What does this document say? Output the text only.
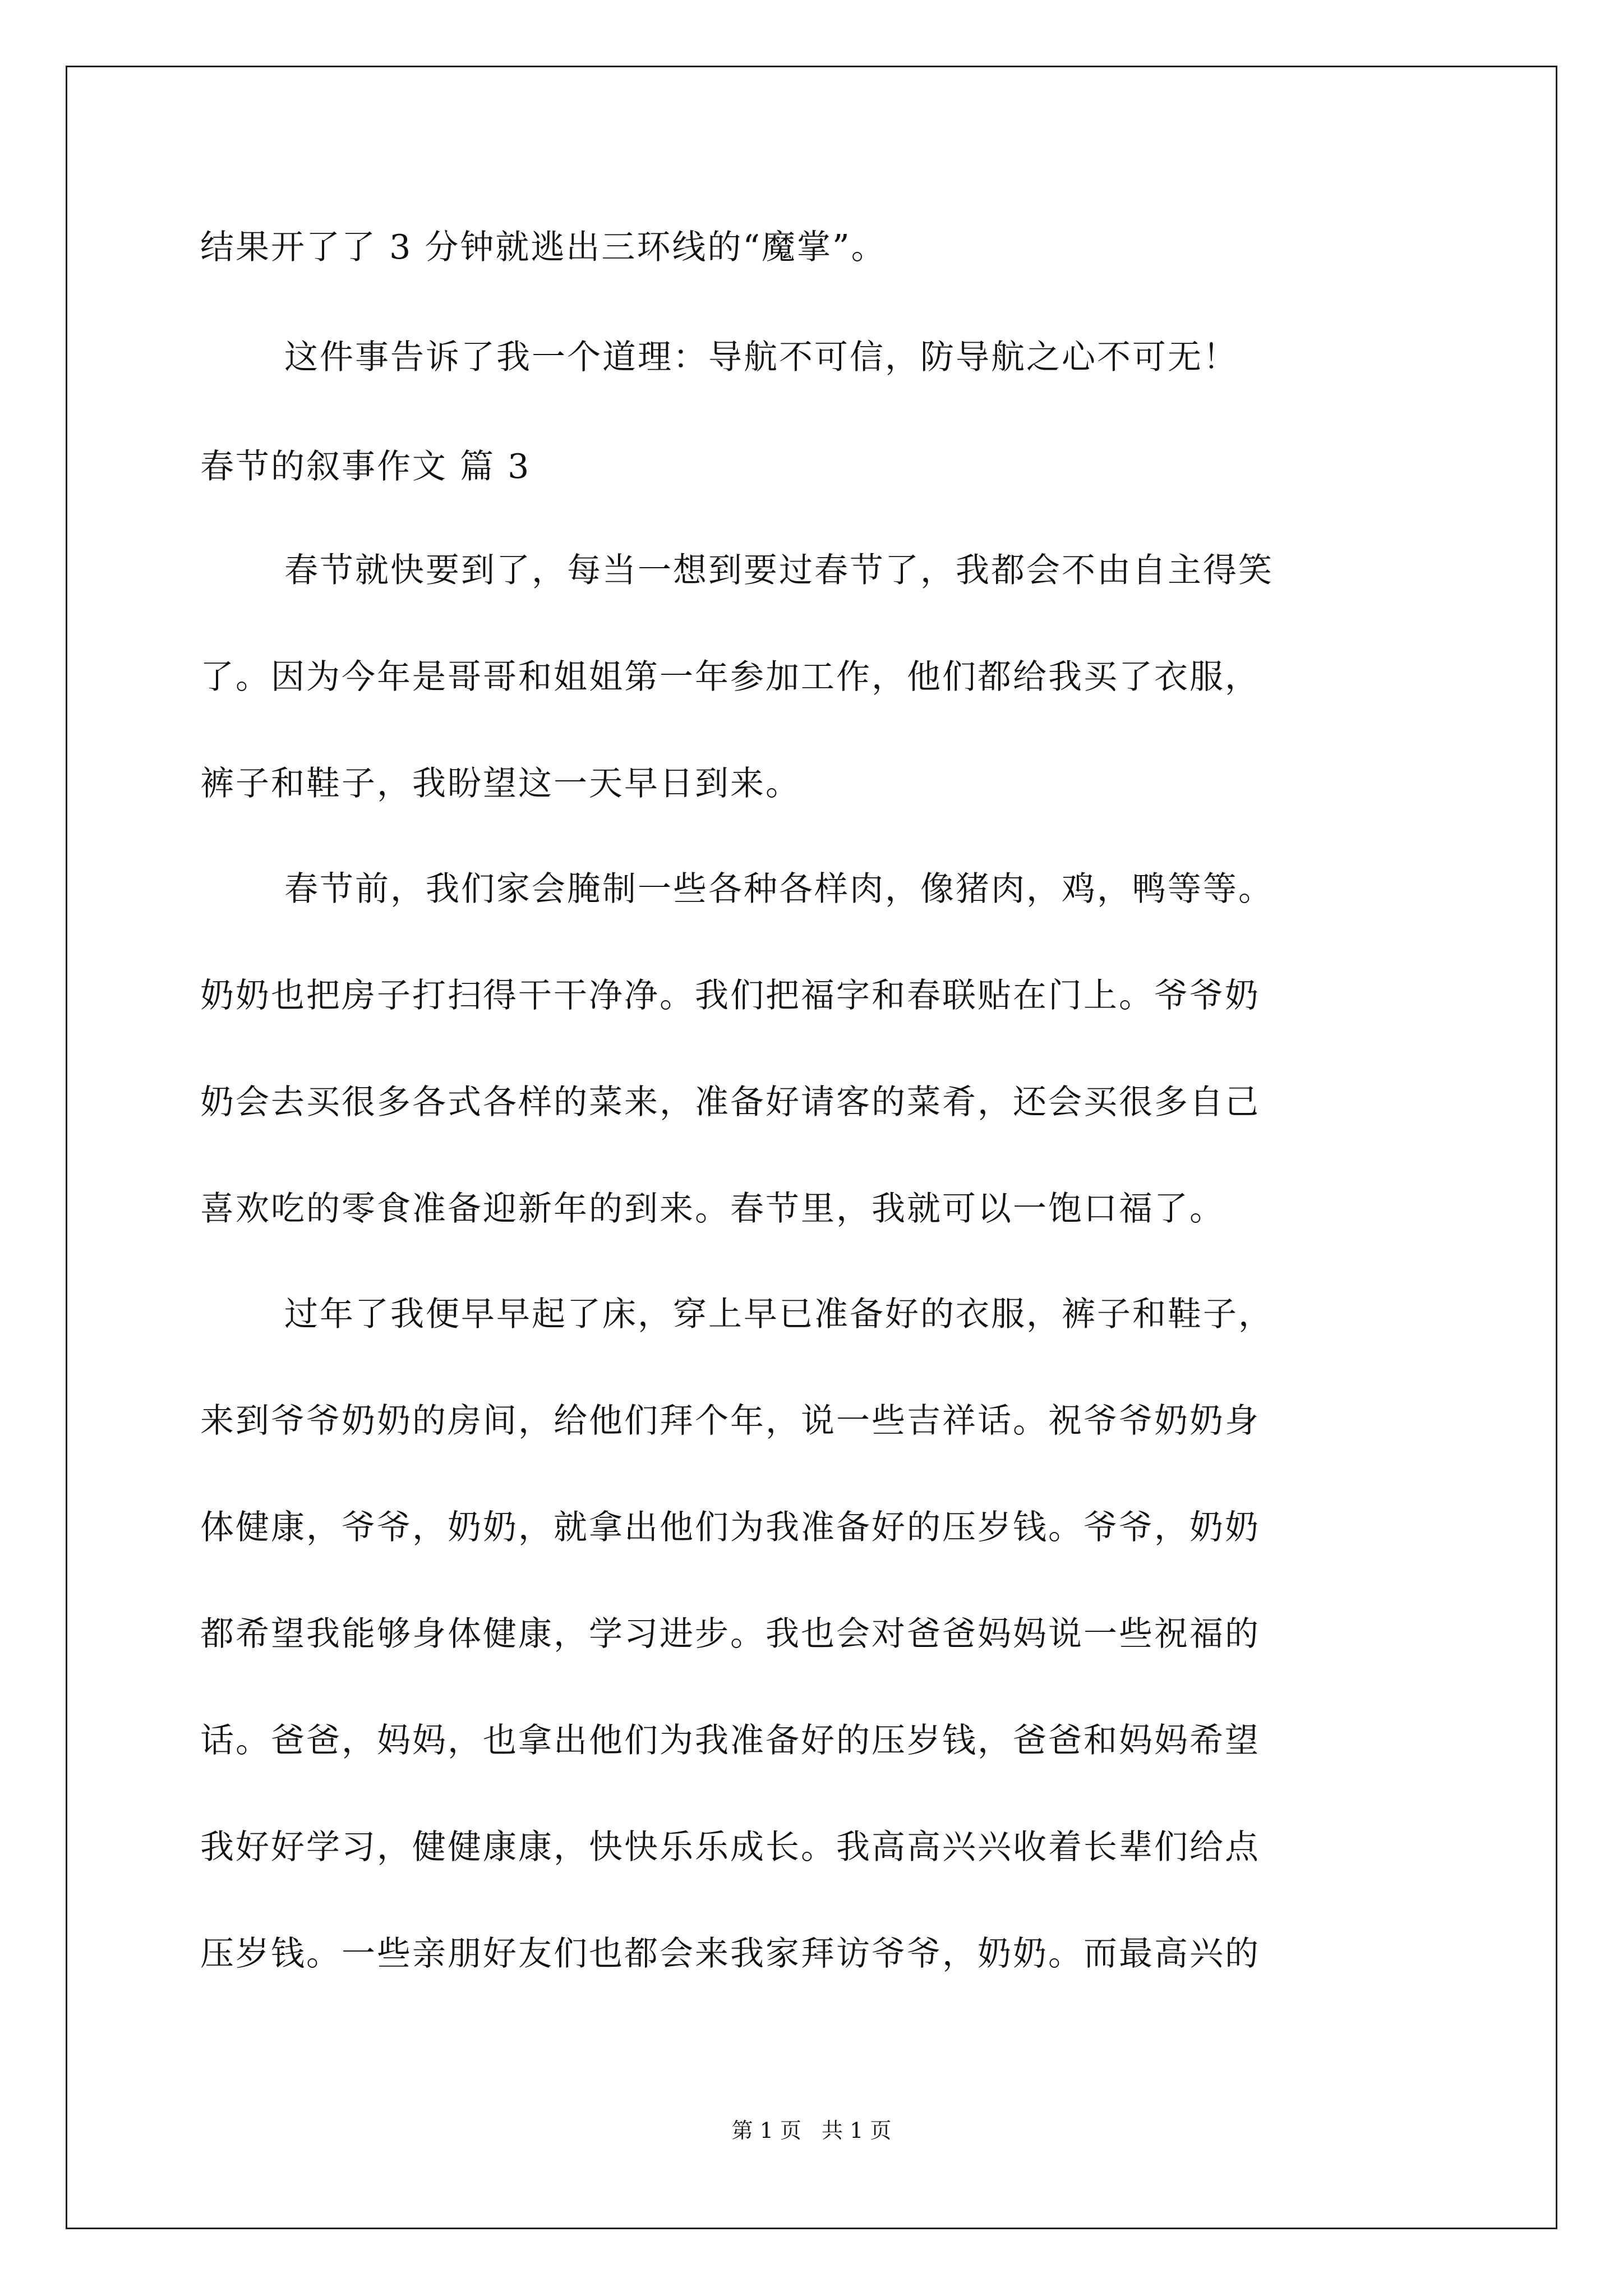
结果开了了 3 分钟就逃出三环线的“魔掌”。
这件事告诉了我一个道理：导航不可信，防导航之心不可无！
春节的叙事作文 篇 3
春节就快要到了，每当一想到要过春节了，我都会不由自主得笑
了。因为今年是哥哥和姐姐第一年参加工作，他们都给我买了衣服，
裤子和鞋子，我盼望这一天早日到来。
春节前，我们家会腌制一些各种各样肉，像猪肉，鸡，鸭等等。
奶奶也把房子打扫得干干净净。我们把福字和春联贴在门上。爷爷奶
奶会去买很多各式各样的菜来，准备好请客的菜肴，还会买很多自己
喜欢吃的零食准备迎新年的到来。春节里，我就可以一饱口福了。
过年了我便早早起了床，穿上早已准备好的衣服，裤子和鞋子，
来到爷爷奶奶的房间，给他们拜个年，说一些吉祥话。祝爷爷奶奶身
体健康，爷爷，奶奶，就拿出他们为我准备好的压岁钱。爷爷，奶奶
都希望我能够身体健康，学习进步。我也会对爸爸妈妈说一些祝福的
话。爸爸，妈妈，也拿出他们为我准备好的压岁钱，爸爸和妈妈希望
我好好学习，健健康康，快快乐乐成长。我高高兴兴收着长辈们给点
压岁钱。一些亲朋好友们也都会来我家拜访爷爷，奶奶。而最高兴的
第 1 页 共 1 页
